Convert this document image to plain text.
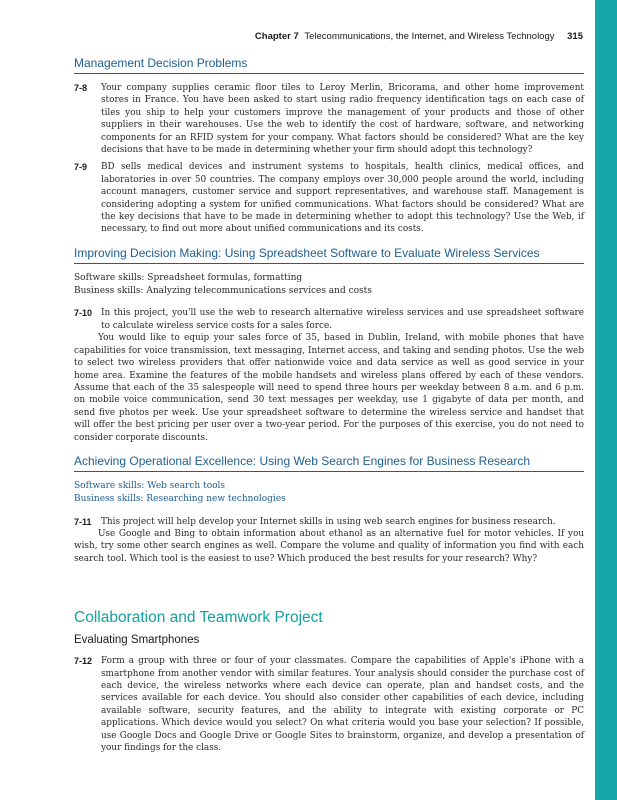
Chapter 7 Telecommunications, the Internet, and Wireless Technology 315
Management Decision Problems
7-8 Your company supplies ceramic floor tiles to Leroy Merlin, Bricorama, and other home improvement stores in France. You have been asked to start using radio frequency identification tags on each case of tiles you ship to help your customers improve the management of your products and those of other suppliers in their warehouses. Use the web to identify the cost of hardware, software, and networking components for an RFID system for your company. What factors should be considered? What are the key decisions that have to be made in determining whether your firm should adopt this technology?
7-9 BD sells medical devices and instrument systems to hospitals, health clinics, medical offices, and laboratories in over 50 countries. The company employs over 30,000 people around the world, including account managers, customer service and support representatives, and warehouse staff. Management is considering adopting a system for unified communications. What factors should be considered? What are the key decisions that have to be made in determining whether to adopt this technology? Use the Web, if necessary, to find out more about unified communications and its costs.
Improving Decision Making: Using Spreadsheet Software to Evaluate Wireless Services
Software skills: Spreadsheet formulas, formatting
Business skills: Analyzing telecommunications services and costs
7-10	In this project, you'll use the web to research alternative wireless services and use spreadsheet software to calculate wireless service costs for a sales force.
You would like to equip your sales force of 35, based in Dublin, Ireland, with mobile phones that have capabilities for voice transmission, text messaging, Internet access, and taking and sending photos. Use the web to select two wireless providers that offer nationwide voice and data service as well as good service in your home area. Examine the features of the mobile handsets and wireless plans offered by each of these vendors. Assume that each of the 35 salespeople will need to spend three hours per weekday between 8 a.m. and 6 p.m. on mobile voice communication, send 30 text messages per weekday, use 1 gigabyte of data per month, and send five photos per week. Use your spreadsheet software to determine the wireless service and handset that will offer the best pricing per user over a two-year period. For the purposes of this exercise, you do not need to consider corporate discounts.
Achieving Operational Excellence: Using Web Search Engines for Business Research
Software skills: Web search tools
Business skills: Researching new technologies
7-11	This project will help develop your Internet skills in using web search engines for business research.
Use Google and Bing to obtain information about ethanol as an alternative fuel for motor vehicles. If you wish, try some other search engines as well. Compare the volume and quality of information you find with each search tool. Which tool is the easiest to use? Which produced the best results for your research? Why?
Collaboration and Teamwork Project
Evaluating Smartphones
7-12 Form a group with three or four of your classmates. Compare the capabilities of Apple's iPhone with a smartphone from another vendor with similar features. Your analysis should consider the purchase cost of each device, the wireless networks where each device can operate, plan and handset costs, and the services available for each device. You should also consider other capabilities of each device, including available software, security features, and the ability to integrate with existing corporate or PC applications. Which device would you select? On what criteria would you base your selection? If possible, use Google Docs and Google Drive or Google Sites to brainstorm, organize, and develop a presentation of your findings for the class.
